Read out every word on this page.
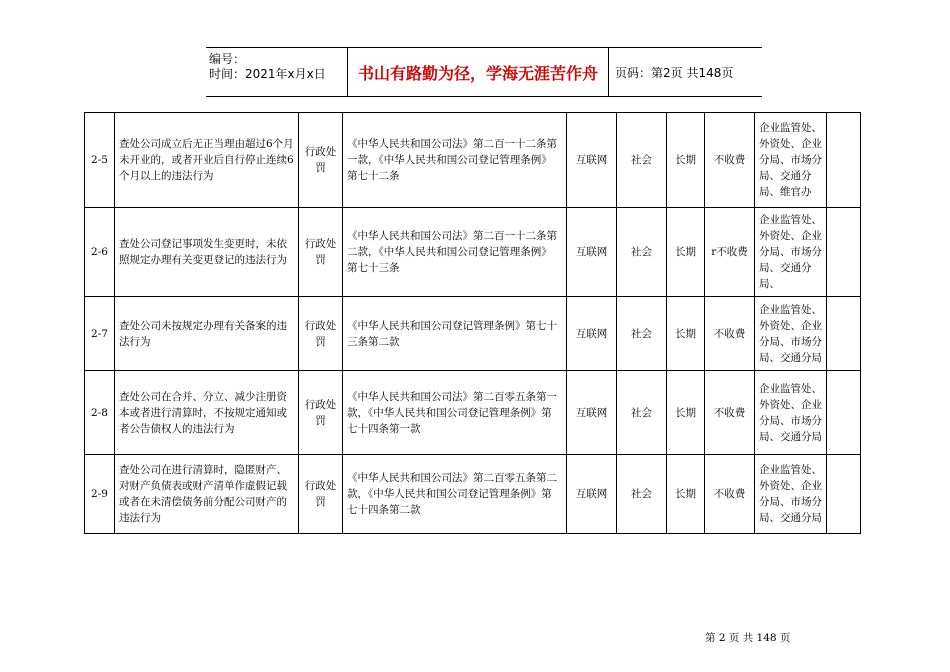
编号：
时间：2021年x月x日	书山有路勤为径，学海无涯苦作舟	页码：第2页 共148页
2-5	查处公司成立后无正当理由超过6个月未开业的，或者开业后自行停止连续6个月以上的违法行为	行政处罚	《中华人民共和国公司法》第二百一十二条第一款，《中华人民共和国公司登记管理条例》第七十二条	互联网	社会	长期	不收费	企业监管处、外资处、企业分局、市场分局、交通分局、维官办	
2-6	查处公司登记事项发生变更时，未依照规定办理有关变更登记的违法行为	行政处罚	《中华人民共和国公司法》第二百一十二条第二款，《中华人民共和国公司登记管理条例》第七十三条	互联网	社会	长期	r不收费	企业监管处、外资处、企业分局、市场分局、交通分局、	
2-7	查处公司未按规定办理有关备案的违法行为	行政处罚	《中华人民共和国公司登记管理条例》第七十三条第二款	互联网	社会	长期	不收费	企业监管处、外资处、企业分局、市场分局、交通分局	
2-8	查处公司在合并、分立、减少注册资本或者进行清算时，不按规定通知或者公告债权人的违法行为	行政处罚	《中华人民共和国公司法》第二百零五条第一款，《中华人民共和国公司登记管理条例》第七十四条第一款	互联网	社会	长期	不收费	企业监管处、外资处、企业分局、市场分局、交通分局	
2-9	查处公司在进行清算时，隐匿财产、对财产负债表或财产清单作虚假记载或者在未清偿债务前分配公司财产的违法行为	行政处罚	《中华人民共和国公司法》第二百零五条第二款，《中华人民共和国公司登记管理条例》第七十四条第二款	互联网	社会	长期	不收费	企业监管处、外资处、企业分局、市场分局、交通分局	
第 2 页 共 148 页
